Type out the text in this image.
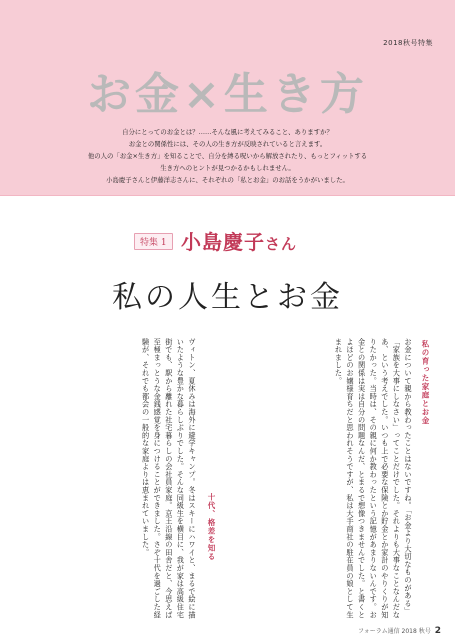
2018秋号特集
お金×生き方
自分にとってのお金とは？……そんな風に考えてみること、ありますか？
お金との関係性には、その人の生き方が反映されていると言えます。
他の人の「お金×生き方」を知ることで、自分を縛る呪いから解放されたり、もっとフィットする
生き方へのヒントが見つかるかもしれません。
小島慶子さんと伊藤洋志さんに、それぞれの「私とお金」のお話をうかがいました。
特集 1 小島慶子さん
私の人生とお金
私の育った家庭とお金
お金について親から教わったことはないですね。「お金より大切なものがある」「家族を大事にしなさい」ってことだけでした。それよりも大事なことなんだなあ、という考えでした。いつも上で必要な保険とか貯金とか家計のやりくりが知りたかった。当時は、その親に何か教わったという記憶があまりないんです。お金との関係は実は自分の問題なんだ、とまるで想像つきませんでした。と書くとよほどのお嬢様育ちだと思われそうですが、私は大手商社の駐在員の娘として生まれました。
十代、格差を知る
ヴィトン、夏休みは海外に避学キャンプ。冬はスキーにハワイと、まるで絵に描いたような豊かな暮らしぶりでした。そんな同級生を横目に、我が家は高級住宅街でも、駅から離れた社宅暮らしの会社員家庭。京王沿線の田舎だと、今思えば至極まっとうな金銭感覚を身につけることができました。さぞ十代を過ごした経験が、それでも都会の一般的な家庭よりは恵まれていました。
フォーラム通信 2018 秋号 2
